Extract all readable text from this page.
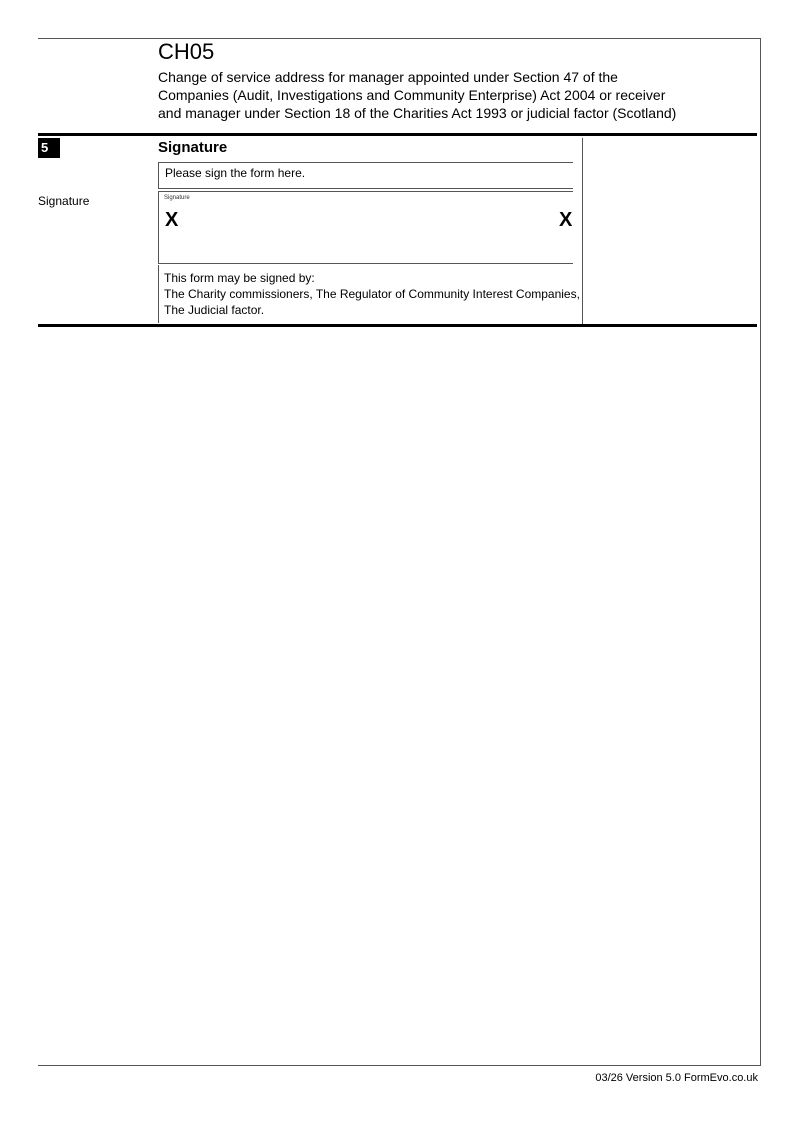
CH05
Change of service address for manager appointed under Section 47 of the
Companies (Audit, Investigations and Community Enterprise) Act 2004 or receiver
and manager under Section 18 of the Charities Act 1993 or judicial factor (Scotland)
5	Signature
Please sign the form here.
Signature	Signature
X	X
This form may be signed by:
The Charity commissioners, The Regulator of Community Interest Companies,
The Judicial factor.
03/26 Version 5.0 FormEvo.co.uk
